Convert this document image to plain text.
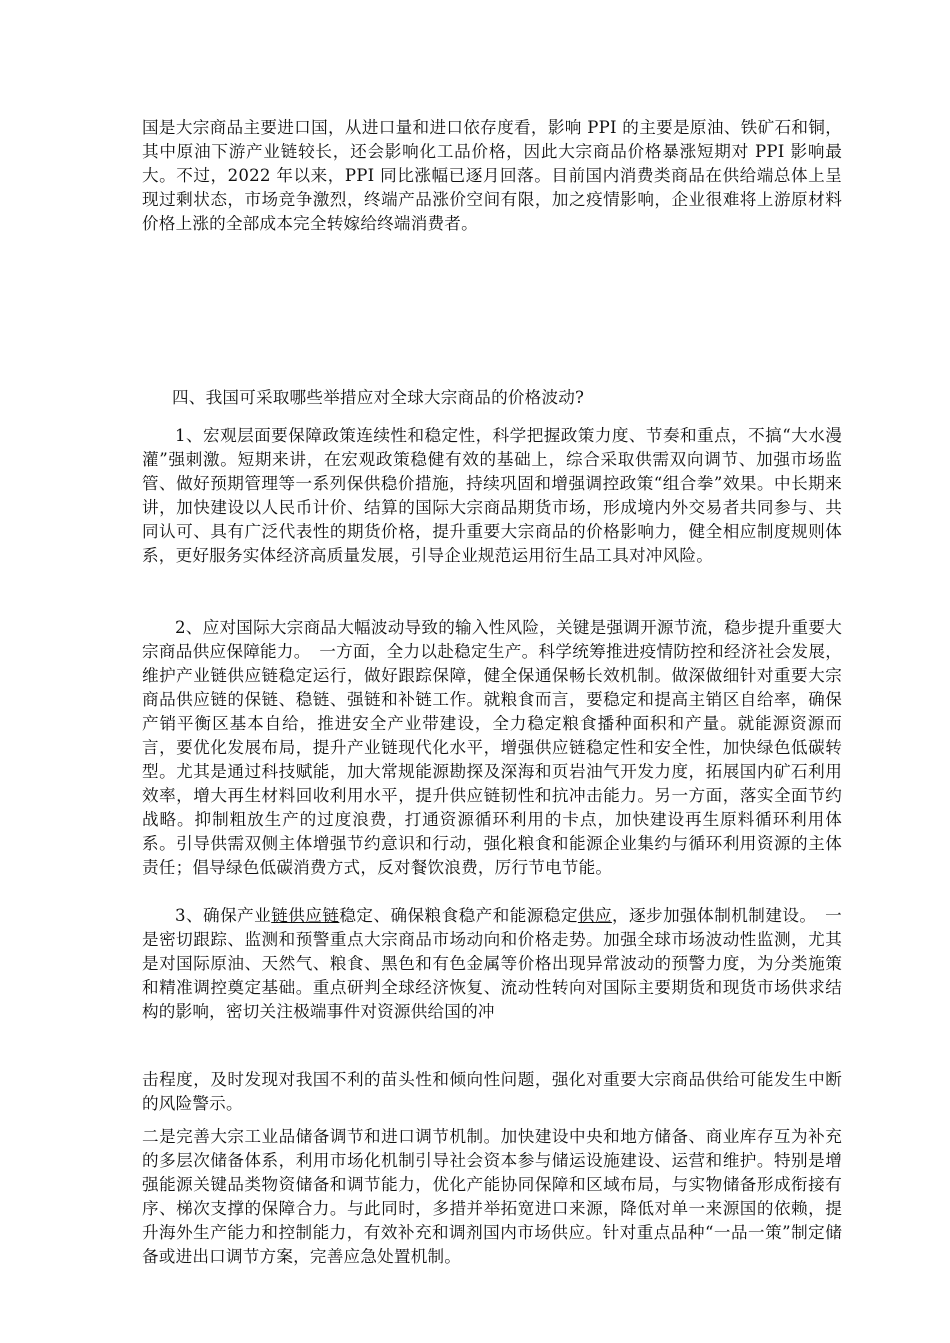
国是大宗商品主要进口国，从进口量和进口依存度看，影响 PPI 的主要是原油、铁矿石和铜，其中原油下游产业链较长，还会影响化工品价格，因此大宗商品价格暴涨短期对 PPI 影响最大。不过，2022 年以来，PPI 同比涨幅已逐月回落。目前国内消费类商品在供给端总体上呈现过剩状态，市场竞争激烈，终端产品涨价空间有限，加之疫情影响，企业很难将上游原材料价格上涨的全部成本完全转嫁给终端消费者。

四、我国可采取哪些举措应对全球大宗商品的价格波动?

1、宏观层面要保障政策连续性和稳定性，科学把握政策力度、节奏和重点，不搞“大水漫灌”强刺激。短期来讲，在宏观政策稳健有效的基础上，综合采取供需双向调节、加强市场监管、做好预期管理等一系列保供稳价措施，持续巩固和增强调控政策“组合拳”效果。中长期来讲，加快建设以人民币计价、结算的国际大宗商品期货市场，形成境内外交易者共同参与、共同认可、具有广泛代表性的期货价格，提升重要大宗商品的价格影响力，健全相应制度规则体系，更好服务实体经济高质量发展，引导企业规范运用衍生品工具对冲风险。

2、应对国际大宗商品大幅波动导致的输入性风险，关键是强调开源节流，稳步提升重要大宗商品供应保障能力。　一方面，全力以赴稳定生产。科学统筹推进疫情防控和经济社会发展，维护产业链供应链稳定运行，做好跟踪保障，健全保通保畅长效机制。做深做细针对重要大宗商品供应链的保链、稳链、强链和补链工作。就粮食而言，要稳定和提高主销区自给率，确保产销平衡区基本自给，推进安全产业带建设，全力稳定粮食播种面积和产量。就能源资源而言，要优化发展布局，提升产业链现代化水平，增强供应链稳定性和安全性，加快绿色低碳转型。尤其是通过科技赋能，加大常规能源勘探及深海和页岩油气开发力度，拓展国内矿石利用效率，增大再生材料回收利用水平，提升供应链韧性和抗冲击能力。另一方面，落实全面节约战略。抑制粗放生产的过度浪费，打通资源循环利用的卡点，加快建设再生原料循环利用体系。引导供需双侧主体增强节约意识和行动，强化粮食和能源企业集约与循环利用资源的主体责任；倡导绿色低碳消费方式，反对餐饮浪费，厉行节电节能。

3、确保产业链供应链稳定、确保粮食稳产和能源稳定供应，逐步加强体制机制建设。　一是密切跟踪、监测和预警重点大宗商品市场动向和价格走势。加强全球市场波动性监测，尤其是对国际原油、天然气、粮食、黑色和有色金属等价格出现异常波动的预警力度，为分类施策和精准调控奠定基础。重点研判全球经济恢复、流动性转向对国际主要期货和现货市场供求结构的影响，密切关注极端事件对资源供给国的冲

击程度，及时发现对我国不利的苗头性和倾向性问题，强化对重要大宗商品供给可能发生中断的风险警示。

二是完善大宗工业品储备调节和进口调节机制。加快建设中央和地方储备、商业库存互为补充的多层次储备体系，利用市场化机制引导社会资本参与储运设施建设、运营和维护。特别是增强能源关键品类物资储备和调节能力，优化产能协同保障和区域布局，与实物储备形成衔接有序、梯次支撑的保障合力。与此同时，多措并举拓宽进口来源，降低对单一来源国的依赖，提升海外生产能力和控制能力，有效补充和调剂国内市场供应。针对重点品种“一品一策”制定储备或进出口调节方案，完善应急处置机制。
